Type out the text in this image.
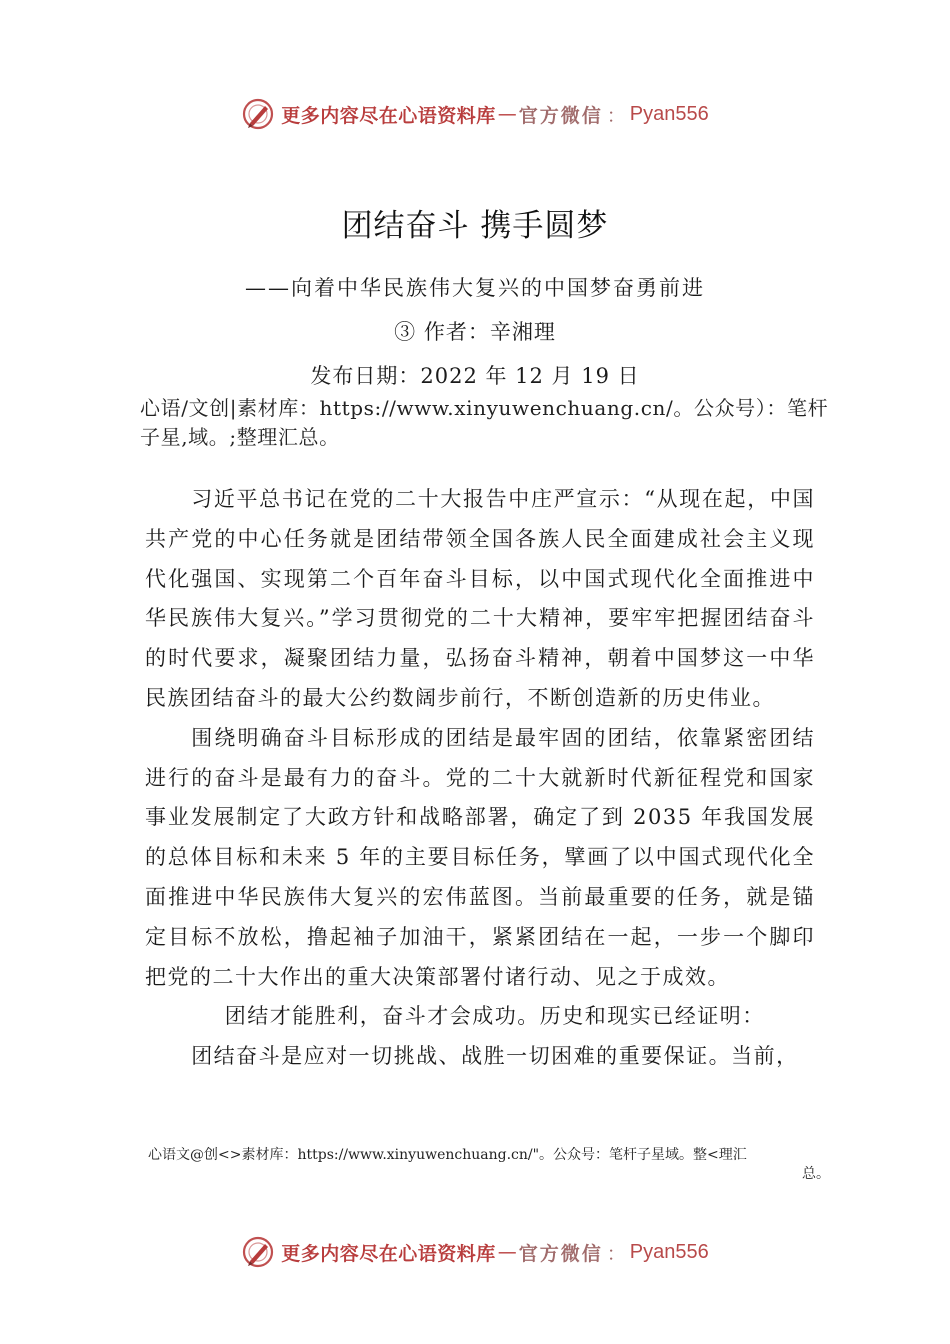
更多内容尽在心语资料库 — 官方微信 ： Pyan556
团结奋斗 携手圆梦
——向着中华民族伟大复兴的中国梦奋勇前进
③ 作者：辛湘理
发布日期：2022 年 12 月 19 日
心语/文创|素材库：https://www.xinyuwenchuang.cn/。公众号）：笔杆子星,域。;整理汇总。

习近平总书记在党的二十大报告中庄严宣示：“从现在起，中国共产党的中心任务就是团结带领全国各族人民全面建成社会主义现代化强国、实现第二个百年奋斗目标，以中国式现代化全面推进中华民族伟大复兴。”学习贯彻党的二十大精神，要牢牢把握团结奋斗的时代要求，凝聚团结力量，弘扬奋斗精神，朝着中国梦这一中华民族团结奋斗的最大公约数阔步前行，不断创造新的历史伟业。

围绕明确奋斗目标形成的团结是最牢固的团结，依靠紧密团结进行的奋斗是最有力的奋斗。党的二十大就新时代新征程党和国家事业发展制定了大政方针和战略部署，确定了到 2035 年我国发展的总体目标和未来 5 年的主要目标任务，擘画了以中国式现代化全面推进中华民族伟大复兴的宏伟蓝图。当前最重要的任务，就是锚定目标不放松，撸起袖子加油干，紧紧团结在一起，一步一个脚印把党的二十大作出的重大决策部署付诸行动、见之于成效。

团结才能胜利，奋斗才会成功。历史和现实已经证明：

团结奋斗是应对一切挑战、战胜一切困难的重要保证。当前，

心语文@创<>素材库：https://www.xinyuwenchuang.cn/"。公众号：笔杆子星域。整<理汇
总。
更多内容尽在心语资料库 — 官方微信 ： Pyan556
